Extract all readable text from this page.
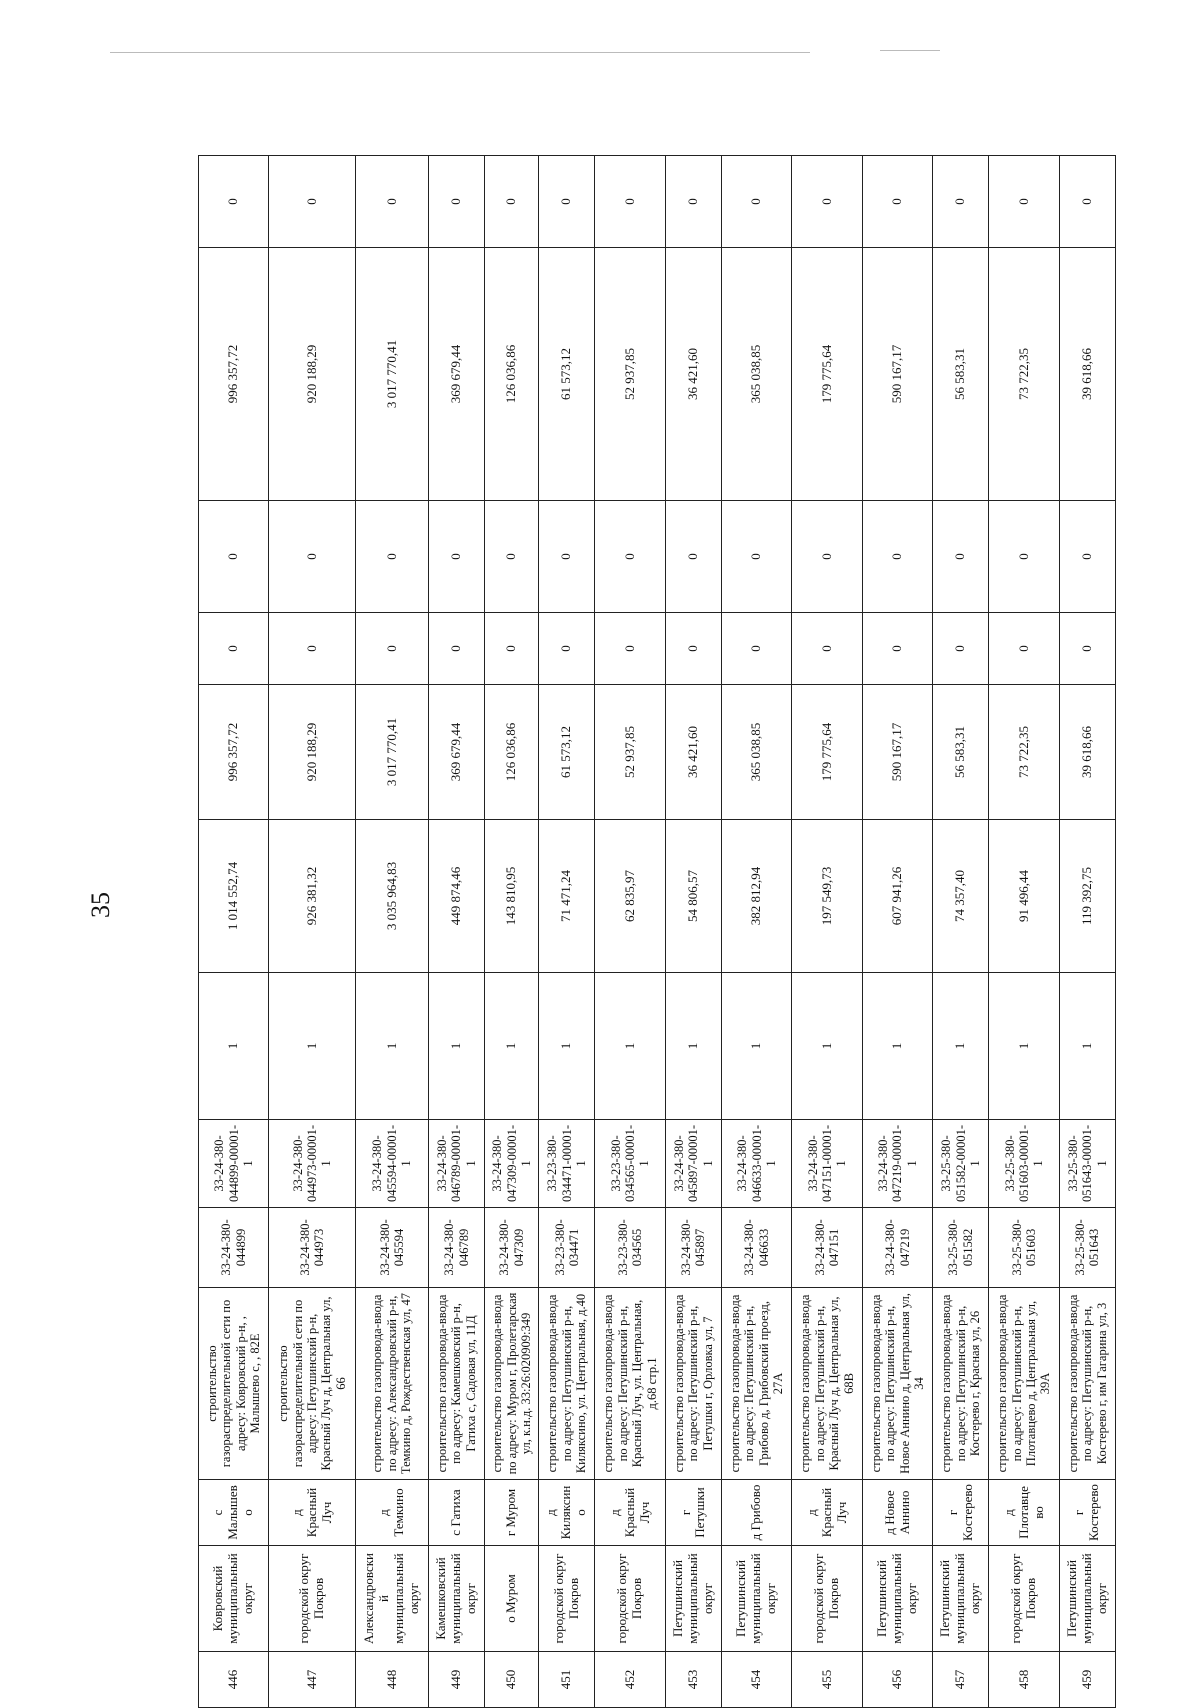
35
446	Ковровский муниципальный округ	с Малышево	строительство газораспределительной сети по адресу: Ковровский р-н, , Малышево с, , 82Е	33-24-380-044899	33-24-380-044899-00001-1	1	1 014 552,74	996 357,72	0	0	996 357,72	0
447	городской округ Покров	д Красный Луч	строительство газораспределительной сети по адресу: Петушинский р-н, Красный Луч д, Центральная ул, 66	33-24-380-044973	33-24-380-044973-00001-1	1	926 381,32	920 188,29	0	0	920 188,29	0
448	Александровский муниципальный округ	д Темкино	строительство газопровода-ввода по адресу: Александровский р-н, Темкино д, Рождественская ул, 47	33-24-380-045594	33-24-380-045594-00001-1	1	3 035 964,83	3 017 770,41	0	0	3 017 770,41	0
449	Камешковский муниципальный округ	с Гатиха	строительство газопровода-ввода по адресу: Камешковский р-н, Гатиха с, Садовая ул, 11Д	33-24-380-046789	33-24-380-046789-00001-1	1	449 874,46	369 679,44	0	0	369 679,44	0
450	о Муром	г Муром	строительство газопровода-ввода по адресу: Муром г, Пролетарская ул, к.н.д. 33:26:020909:349	33-24-380-047309	33-24-380-047309-00001-1	1	143 810,95	126 036,86	0	0	126 036,86	0
451	городской округ Покров	д Киляксино	строительство газопровода-ввода по адресу: Петушинский р-н, Киляксино, ул. Центральная, д.40	33-23-380-034471	33-23-380-034471-00001-1	1	71 471,24	61 573,12	0	0	61 573,12	0
452	городской округ Покров	д Красный Луч	строительство газопровода-ввода по адресу: Петушинский р-н, Красный Луч, ул. Центральная, д.68 стр.1	33-23-380-034565	33-23-380-034565-00001-1	1	62 835,97	52 937,85	0	0	52 937,85	0
453	Петушинский муниципальный округ	г Петушки	строительство газопровода-ввода по адресу: Петушинский р-н, Петушки г, Орловка ул, 7	33-24-380-045897	33-24-380-045897-00001-1	1	54 806,57	36 421,60	0	0	36 421,60	0
454	Петушинский муниципальный округ	д Грибово	строительство газопровода-ввода по адресу: Петушинский р-н, Грибово д, Грибовский проезд, 27А	33-24-380-046633	33-24-380-046633-00001-1	1	382 812,94	365 038,85	0	0	365 038,85	0
455	городской округ Покров	д Красный Луч	строительство газопровода-ввода по адресу: Петушинский р-н, Красный Луч д, Центральная ул, 68В	33-24-380-047151	33-24-380-047151-00001-1	1	197 549,73	179 775,64	0	0	179 775,64	0
456	Петушинский муниципальный округ	д Новое Аннино	строительство газопровода-ввода по адресу: Петушинский р-н, Новое Аннино д, Центральная ул, 34	33-24-380-047219	33-24-380-047219-00001-1	1	607 941,26	590 167,17	0	0	590 167,17	0
457	Петушинский муниципальный округ	г Костерево	строительство газопровода-ввода по адресу: Петушинский р-н, Костерево г, Красная ул, 26	33-25-380-051582	33-25-380-051582-00001-1	1	74 357,40	56 583,31	0	0	56 583,31	0
458	городской округ Покров	д Плотавцево	строительство газопровода-ввода по адресу: Петушинский р-н, Плотавцево д, Центральная ул, 39А	33-25-380-051603	33-25-380-051603-00001-1	1	91 496,44	73 722,35	0	0	73 722,35	0
459	Петушинский муниципальный округ	г Костерево	строительство газопровода-ввода по адресу: Петушинский р-н, Костерево г, им Гагарина ул, 3	33-25-380-051643	33-25-380-051643-00001-1	1	119 392,75	39 618,66	0	0	39 618,66	0
